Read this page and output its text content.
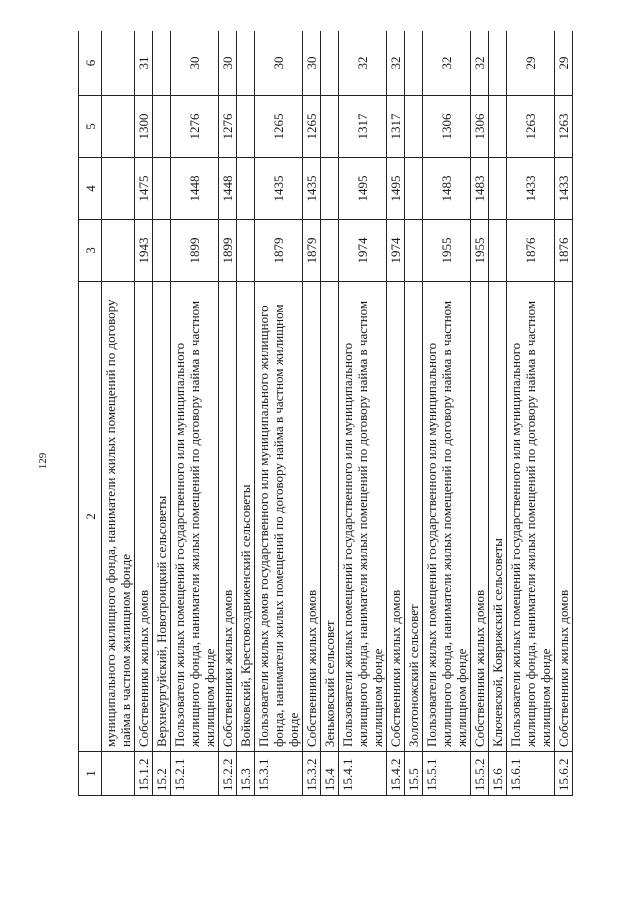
129
1	2	3	4	5	6
	муниципального жилищного фонда, наниматели жилых помещений по договору найма в частном жилищном фонде				
15.1.2	Собственники жилых домов	1943	1475	1300	31
15.2	Верхнеургуйский, Новотроицкий сельсоветы				
15.2.1	Пользователи жилых помещений государственного или муниципального жилищного фонда, наниматели жилых помещений по договору найма в частном жилищном фонде	1899	1448	1276	30
15.2.2	Собственники жилых домов	1899	1448	1276	30
15.3	Войковский, Крестовоздвиженский сельсоветы				
15.3.1	Пользователи жилых домов государственного или муниципального жилищного фонда, наниматели жилых помещений по договору найма в частном жилищном фонде	1879	1435	1265	30
15.3.2	Собственники жилых домов	1879	1435	1265	30
15.4	Зеньковский сельсовет				
15.4.1	Пользователи жилых помещений государственного или муниципального жилищного фонда, наниматели жилых помещений по договору найма в частном жилищном фонде	1974	1495	1317	32
15.4.2	Собственники жилых домов	1974	1495	1317	32
15.5	Золотоножский сельсовет				
15.5.1	Пользователи жилых помещений государственного или муниципального жилищного фонда, наниматели жилых помещений по договору найма в частном жилищном фонде	1955	1483	1306	32
15.5.2	Собственники жилых домов	1955	1483	1306	32
15.6	Ключевской, Коврижский сельсоветы				
15.6.1	Пользователи жилых помещений государственного или муниципального жилищного фонда, наниматели жилых помещений по договору найма в частном жилищном фонде	1876	1433	1263	29
15.6.2	Собственники жилых домов	1876	1433	1263	29
